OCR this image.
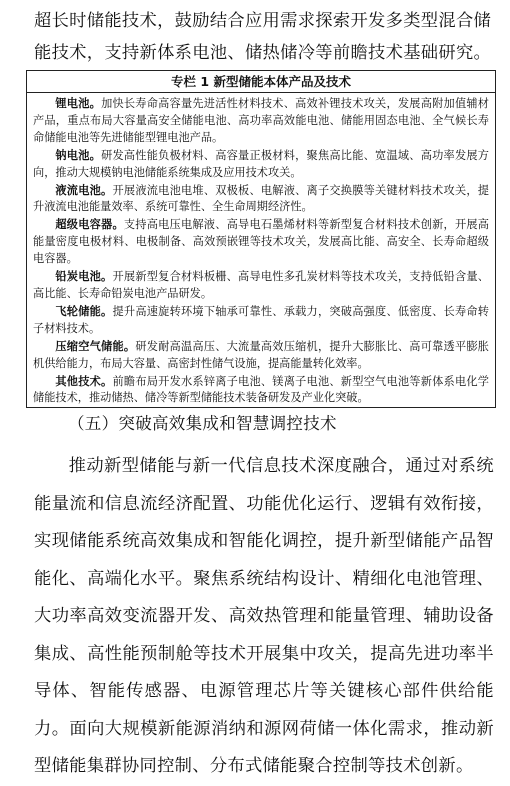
超长时储能技术，鼓励结合应用需求探索开发多类型混合储能技术，支持新体系电池、储热储冷等前瞻技术基础研究。

专栏 1 新型储能本体产品及技术

锂电池。加快长寿命高容量先进活性材料技术、高效补锂技术攻关，发展高附加值辅材产品，重点布局大容量高安全储能电池、高功率高效能电池、储能用固态电池、全气候长寿命储能电池等先进储能型锂电池产品。

钠电池。研发高性能负极材料、高容量正极材料，聚焦高比能、宽温域、高功率发展方向，推动大规模钠电池储能系统集成及应用技术攻关。

液流电池。开展液流电池电堆、双极板、电解液、离子交换膜等关键材料技术攻关，提升液流电池能量效率、系统可靠性、全生命周期经济性。

超级电容器。支持高电压电解液、高导电石墨烯材料等新型复合材料技术创新，开展高能量密度电极材料、电极制备、高效预嵌锂等技术攻关，发展高比能、高安全、长寿命超级电容器。

铅炭电池。开展新型复合材料板栅、高导电性多孔炭材料等技术攻关，支持低铅含量、高比能、长寿命铅炭电池产品研发。

飞轮储能。提升高速旋转环境下轴承可靠性、承载力，突破高强度、低密度、长寿命转子材料技术。

压缩空气储能。研发耐高温高压、大流量高效压缩机，提升大膨胀比、高可靠透平膨胀机供给能力，布局大容量、高密封性储气设施，提高能量转化效率。

其他技术。前瞻布局开发水系锌离子电池、镁离子电池、新型空气电池等新体系电化学储能技术，推动储热、储冷等新型储能技术装备研发及产业化突破。

（五）突破高效集成和智慧调控技术

推动新型储能与新一代信息技术深度融合，通过对系统能量流和信息流经济配置、功能优化运行、逻辑有效衔接，实现储能系统高效集成和智能化调控，提升新型储能产品智能化、高端化水平。聚焦系统结构设计、精细化电池管理、大功率高效变流器开发、高效热管理和能量管理、辅助设备集成、高性能预制舱等技术开展集中攻关，提高先进功率半导体、智能传感器、电源管理芯片等关键核心部件供给能力。面向大规模新能源消纳和源网荷储一体化需求，推动新型储能集群协同控制、分布式储能聚合控制等技术创新。
